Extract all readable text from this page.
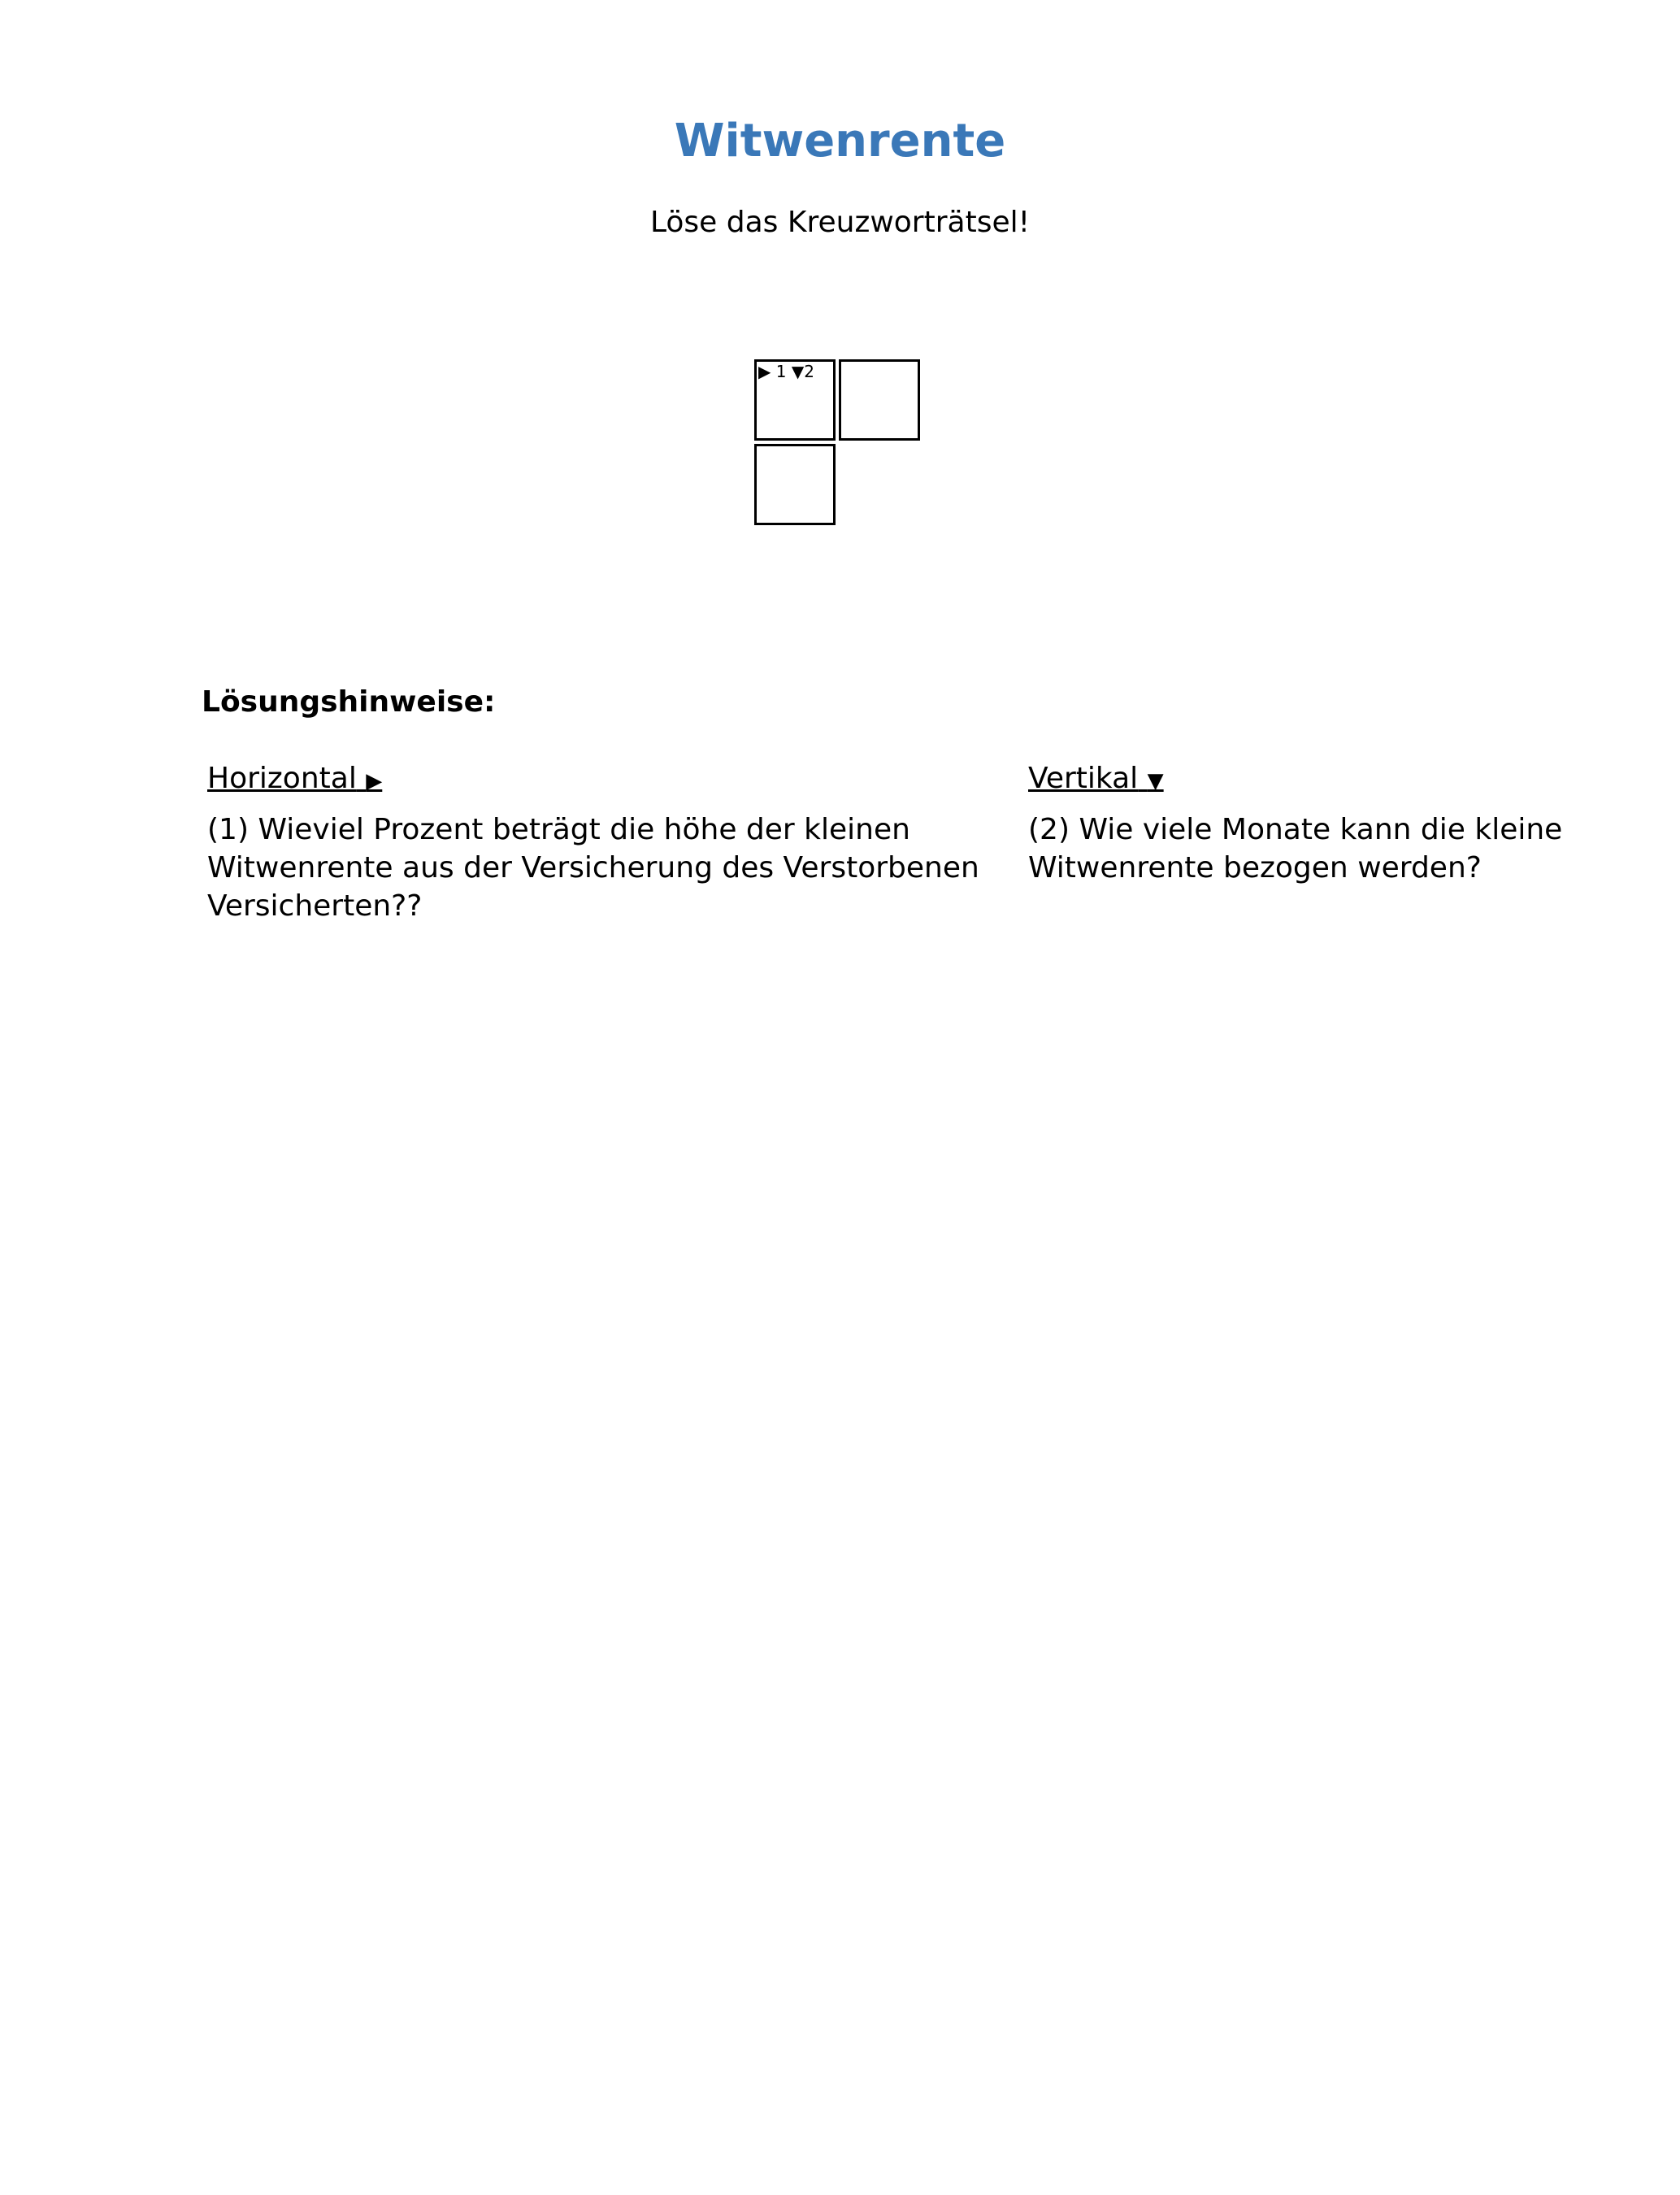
Witwenrente
Löse das Kreuzworträtsel!
▶ 1 ▼2
Lösungshinweise:
Horizontal ▶
(1) Wieviel Prozent beträgt die höhe der kleinen Witwenrente aus der Versicherung des Verstorbenen Versicherten??
Vertikal ▼
(2) Wie viele Monate kann die kleine Witwenrente bezogen werden?
